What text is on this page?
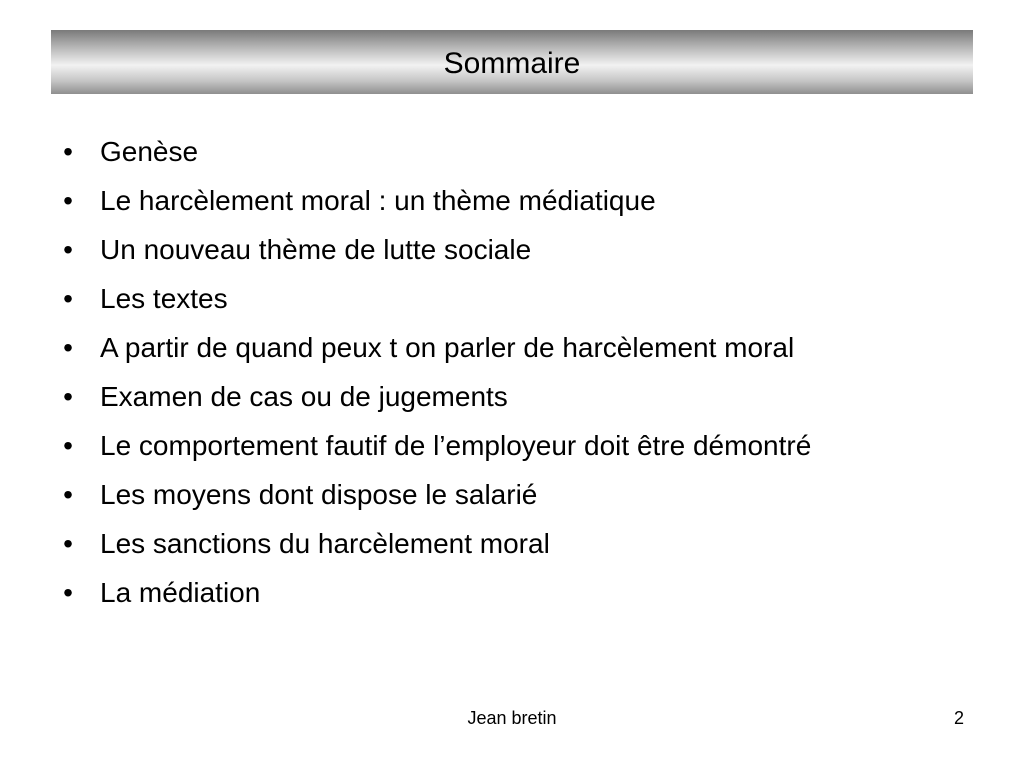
Sommaire
• Genèse
• Le harcèlement moral : un thème médiatique
• Un nouveau thème de lutte sociale
• Les textes
• A partir de quand peux t on parler de harcèlement moral
• Examen de cas ou de jugements
• Le comportement fautif de l’employeur doit être démontré
• Les moyens dont dispose le salarié
• Les sanctions du harcèlement moral
• La médiation
Jean bretin	2
